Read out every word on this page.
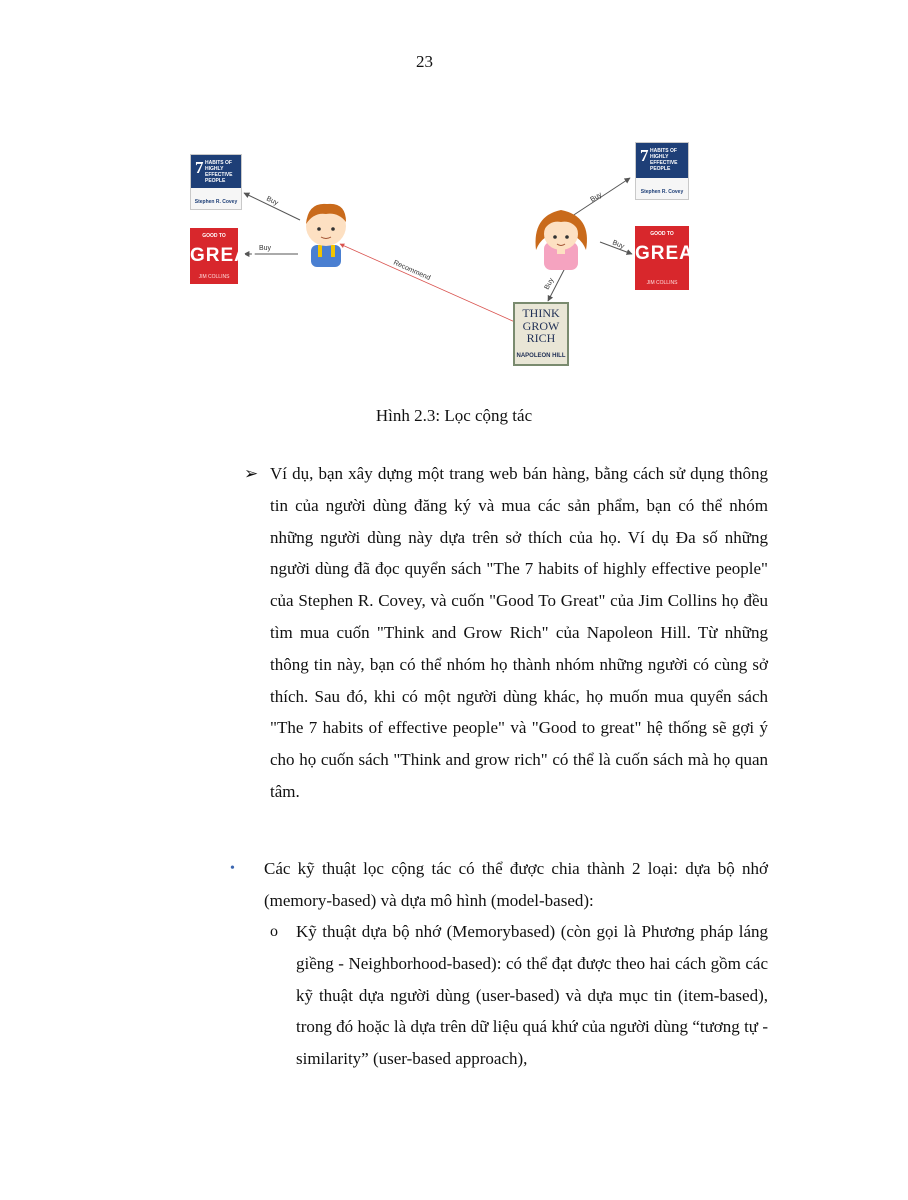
23
Buy
Buy
Buy
Buy
Buy
Recommend
7 HABITS OF HIGHLY EFFECTIVE PEOPLE
Stephen R. Covey
GOOD TO
GREAT
JIM COLLINS
7 HABITS OF HIGHLY EFFECTIVE PEOPLE
Stephen R. Covey
GOOD TO
GREAT
JIM COLLINS
THINK
GROW
RICH
NAPOLEON HILL
Hình 2.3: Lọc cộng tác
➢ Ví dụ, bạn xây dựng một trang web bán hàng, bằng cách sử dụng thông tin của người dùng đăng ký và mua các sản phẩm, bạn có thể nhóm những người dùng này dựa trên sở thích của họ. Ví dụ Đa số những người dùng đã đọc quyển sách "The 7 habits of highly effective people" của Stephen R. Covey, và cuốn "Good To Great" của Jim Collins họ đều tìm mua cuốn "Think and Grow Rich" của Napoleon Hill. Từ những thông tin này, bạn có thể nhóm họ thành nhóm những người có cùng sở thích. Sau đó, khi có một người dùng khác, họ muốn mua quyển sách "The 7 habits of effective people" và "Good to great" hệ thống sẽ gợi ý cho họ cuốn sách "Think and grow rich" có thể là cuốn sách mà họ quan tâm.
• Các kỹ thuật lọc cộng tác có thể được chia thành 2 loại: dựa bộ nhớ (memory-based) và dựa mô hình (model-based):
o Kỹ thuật dựa bộ nhớ (Memorybased) (còn gọi là Phương pháp láng giềng - Neighborhood-based): có thể đạt được theo hai cách gồm các kỹ thuật dựa người dùng (user-based) và dựa mục tin (item-based), trong đó hoặc là dựa trên dữ liệu quá khứ của người dùng “tương tự - similarity” (user-based approach),
